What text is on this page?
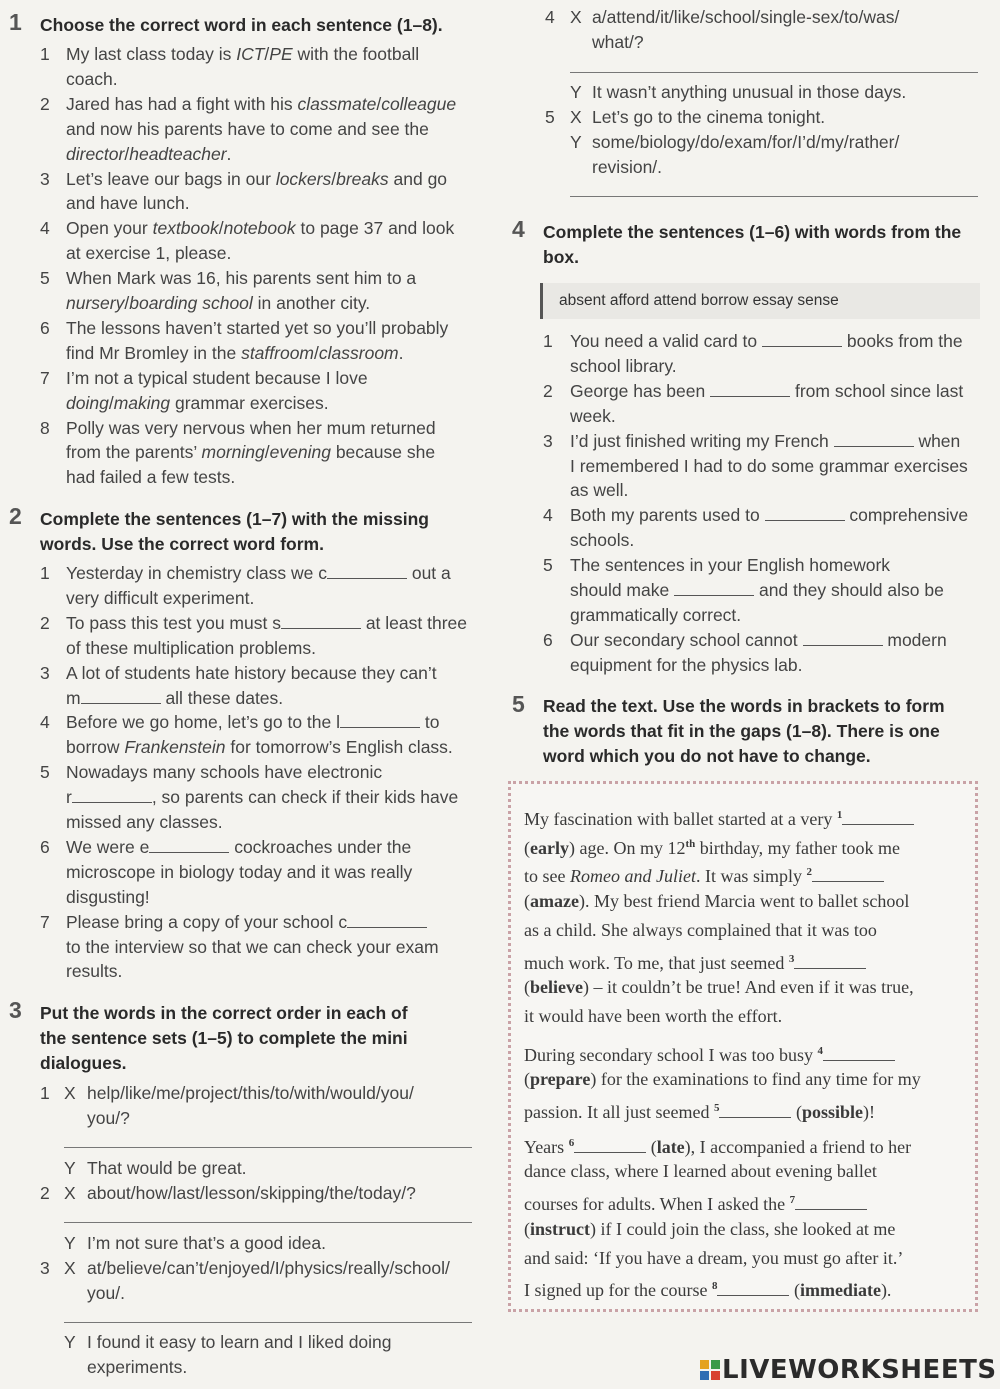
1 Choose the correct word in each sentence (1–8).
1 My last class today is ICT/PE with the football
coach.
2 Jared has had a fight with his classmate/colleague
and now his parents have to come and see the
director/headteacher.
3 Let’s leave our bags in our lockers/breaks and go
and have lunch.
4 Open your textbook/notebook to page 37 and look
at exercise 1, please.
5 When Mark was 16, his parents sent him to a
nursery/boarding school in another city.
6 The lessons haven’t started yet so you’ll probably
find Mr Bromley in the staffroom/classroom.
7 I’m not a typical student because I love
doing/making grammar exercises.
8 Polly was very nervous when her mum returned
from the parents’ morning/evening because she
had failed a few tests.
2 Complete the sentences (1–7) with the missing
words. Use the correct word form.
1 Yesterday in chemistry class we c	out a
very difficult experiment.
2 To pass this test you must s	at least three
of these multiplication problems.
3 A lot of students hate history because they can’t
m	all these dates.
4 Before we go home, let’s go to the l	to
borrow Frankenstein for tomorrow’s English class.
5 Nowadays many schools have electronic
r	, so parents can check if their kids have
missed any classes.
6 We were e	cockroaches under the
microscope in biology today and it was really
disgusting!
7 Please bring a copy of your school c
to the interview so that we can check your exam
results.
3 Put the words in the correct order in each of
the sentence sets (1–5) to complete the mini
dialogues.
1 X help/like/me/project/this/to/with/would/you/
you/?
Y That would be great.
2 X about/how/last/lesson/skipping/the/today/?
Y I’m not sure that’s a good idea.
3 X at/believe/can’t/enjoyed/I/physics/really/school/
you/.
Y I found it easy to learn and I liked doing
experiments.
4 X a/attend/it/like/school/single-sex/to/was/
what/?
Y It wasn’t anything unusual in those days.
5 X Let’s go to the cinema tonight.
Y some/biology/do/exam/for/I’d/my/rather/
revision/.
4 Complete the sentences (1–6) with words from the
box.
absent afford attend borrow essay sense
1 You need a valid card to	books from the
school library.
2 George has been	from school since last
week.
3 I’d just finished writing my French	when
I remembered I had to do some grammar exercises
as well.
4 Both my parents used to	comprehensive
schools.
5 The sentences in your English homework
should make	and they should also be
grammatically correct.
6 Our secondary school cannot	modern
equipment for the physics lab.
5 Read the text. Use the words in brackets to form
the words that fit in the gaps (1–8). There is one
word which you do not have to change.
My fascination with ballet started at a very $^1$
(early) age. On my 12th birthday, my father took me
to see Romeo and Juliet. It was simply $^2$
(amaze). My best friend Marcia went to ballet school
as a child. She always complained that it was too
much work. To me, that just seemed $^3$
(believe) – it couldn’t be true! And even if it was true,
it would have been worth the effort.
During secondary school I was too busy $^4$
(prepare) for the examinations to find any time for my
passion. It all just seemed $^5$	(possible)!
Years $^6$	(late), I accompanied a friend to her
dance class, where I learned about evening ballet
courses for adults. When I asked the $^7$
(instruct) if I could join the class, she looked at me
and said: ‘If you have a dream, you must go after it.’
I signed up for the course $^8$	(immediate).
LIVEWORKSHEETS
